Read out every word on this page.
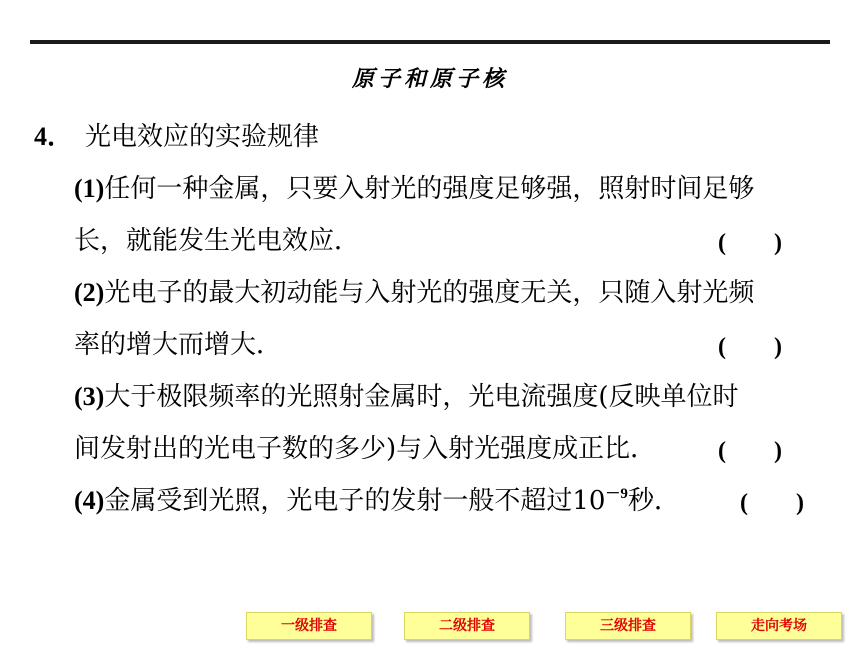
原子和原子核
4． 光电效应的实验规律
(1)任何一种金属，只要入射光的强度足够强，照射时间足够
长，就能发生光电效应．	(　　)
(2)光电子的最大初动能与入射光的强度无关，只随入射光频
率的增大而增大．	(　　)
(3)大于极限频率的光照射金属时，光电流强度(反映单位时
间发射出的光电子数的多少)与入射光强度成正比．	(　　)
(4)金属受到光照，光电子的发射一般不超过$10^{-9}$秒．	(　　)
一级排查	二级排查	三级排查	走向考场
